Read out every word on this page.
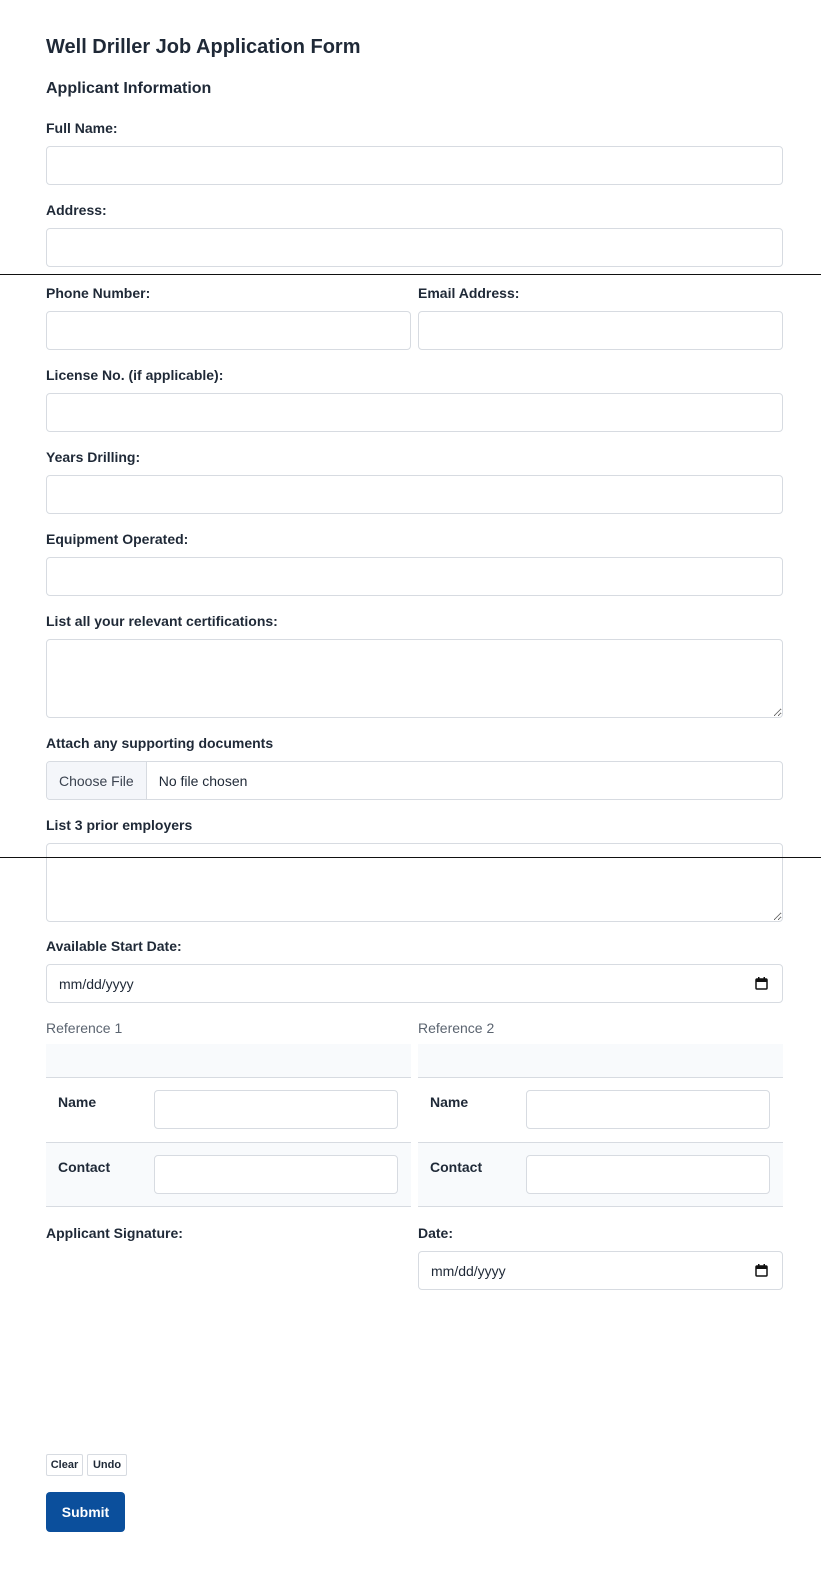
Well Driller Job Application Form
Applicant Information
Full Name:
Address:
Phone Number:	Email Address:
License No. (if applicable):
Years Drilling:
Equipment Operated:
List all your relevant certifications:
Attach any supporting documents
Choose File	No file chosen
List 3 prior employers
Available Start Date:
mm/dd/yyyy
Reference 1
Name
Contact
Reference 2
Name
Contact
Applicant Signature:	Date:
mm/dd/yyyy
Clear	Undo
Submit
